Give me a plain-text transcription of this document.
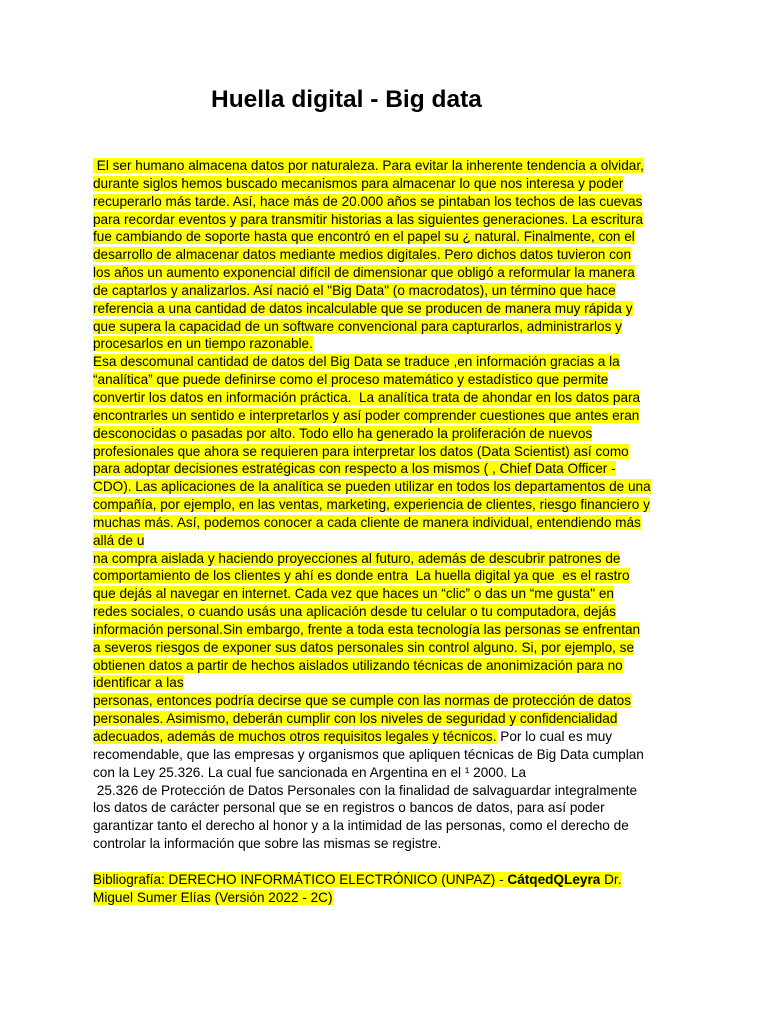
Huella digital - Big data
El ser humano almacena datos por naturaleza. Para evitar la inherente tendencia a olvidar,
durante siglos hemos buscado mecanismos para almacenar lo que nos interesa y poder
recuperarlo más tarde. Así, hace más de 20.000 años se pintaban los techos de las cuevas
para recordar eventos y para transmitir historias a las siguientes generaciones. La escritura
fue cambiando de soporte hasta que encontró en el papel su ¿ natural. Finalmente, con el
desarrollo de almacenar datos mediante medios digitales. Pero dichos datos tuvieron con
los años un aumento exponencial difícil de dimensionar que obligó a reformular la manera
de captarlos y analizarlos. Así nació el "Big Data" (o macrodatos), un término que hace
referencia a una cantidad de datos incalculable que se producen de manera muy rápida y
que supera la capacidad de un software convencional para capturarlos, administrarlos y
procesarlos en un tiempo razonable.
Esa descomunal cantidad de datos del Big Data se traduce ,en información gracias a la
“analítica” que puede definirse como el proceso matemático y estadístico que permite
convertir los datos en información práctica.  La analítica trata de ahondar en los datos para
encontrarles un sentido e interpretarlos y así poder comprender cuestiones que antes eran
desconocidas o pasadas por alto. Todo ello ha generado la proliferación de nuevos
profesionales que ahora se requieren para interpretar los datos (Data Scientist) así como
para adoptar decisiones estratégicas con respecto a los mismos ( , Chief Data Officer -
CDO). Las aplicaciones de la analítica se pueden utilizar en todos los departamentos de una
compañía, por ejemplo, en las ventas, marketing, experiencia de clientes, riesgo financiero y
muchas más. Así, podemos conocer a cada cliente de manera individual, entendiendo más
allá de u
na compra aislada y haciendo proyecciones al futuro, además de descubrir patrones de
comportamiento de los clientes y ahí es donde entra  La huella digital ya que  es el rastro
que dejás al navegar en internet. Cada vez que haces un “clic” o das un “me gusta" en
redes sociales, o cuando usás una aplicación desde tu celular o tu computadora, dejás
información personal.Sin embargo, frente a toda esta tecnología las personas se enfrentan
a severos riesgos de exponer sus datos personales sin control alguno. Si, por ejemplo, se
obtienen datos a partir de hechos aislados utilizando técnicas de anonimización para no
identificar a las
personas, entonces podría decirse que se cumple con las normas de protección de datos
personales. Asimismo, deberán cumplir con los niveles de seguridad y confidencialidad
adecuados, además de muchos otros requisitos legales y técnicos. Por lo cual es muy
recomendable, que las empresas y organismos que apliquen técnicas de Big Data cumplan
con la Ley 25.326. La cual fue sancionada en Argentina en el ¹ 2000. La
25.326 de Protección de Datos Personales con la finalidad de salvaguardar integralmente
los datos de carácter personal que se en registros o bancos de datos, para así poder
garantizar tanto el derecho al honor y a la intimidad de las personas, como el derecho de
controlar la información que sobre las mismas se registre.
Bibliografía: DERECHO INFORMÁTICO ELECTRÓNICO (UNPAZ) - CátqedQLeyra Dr.
Miguel Sumer Elías (Versión 2022 - 2C)
